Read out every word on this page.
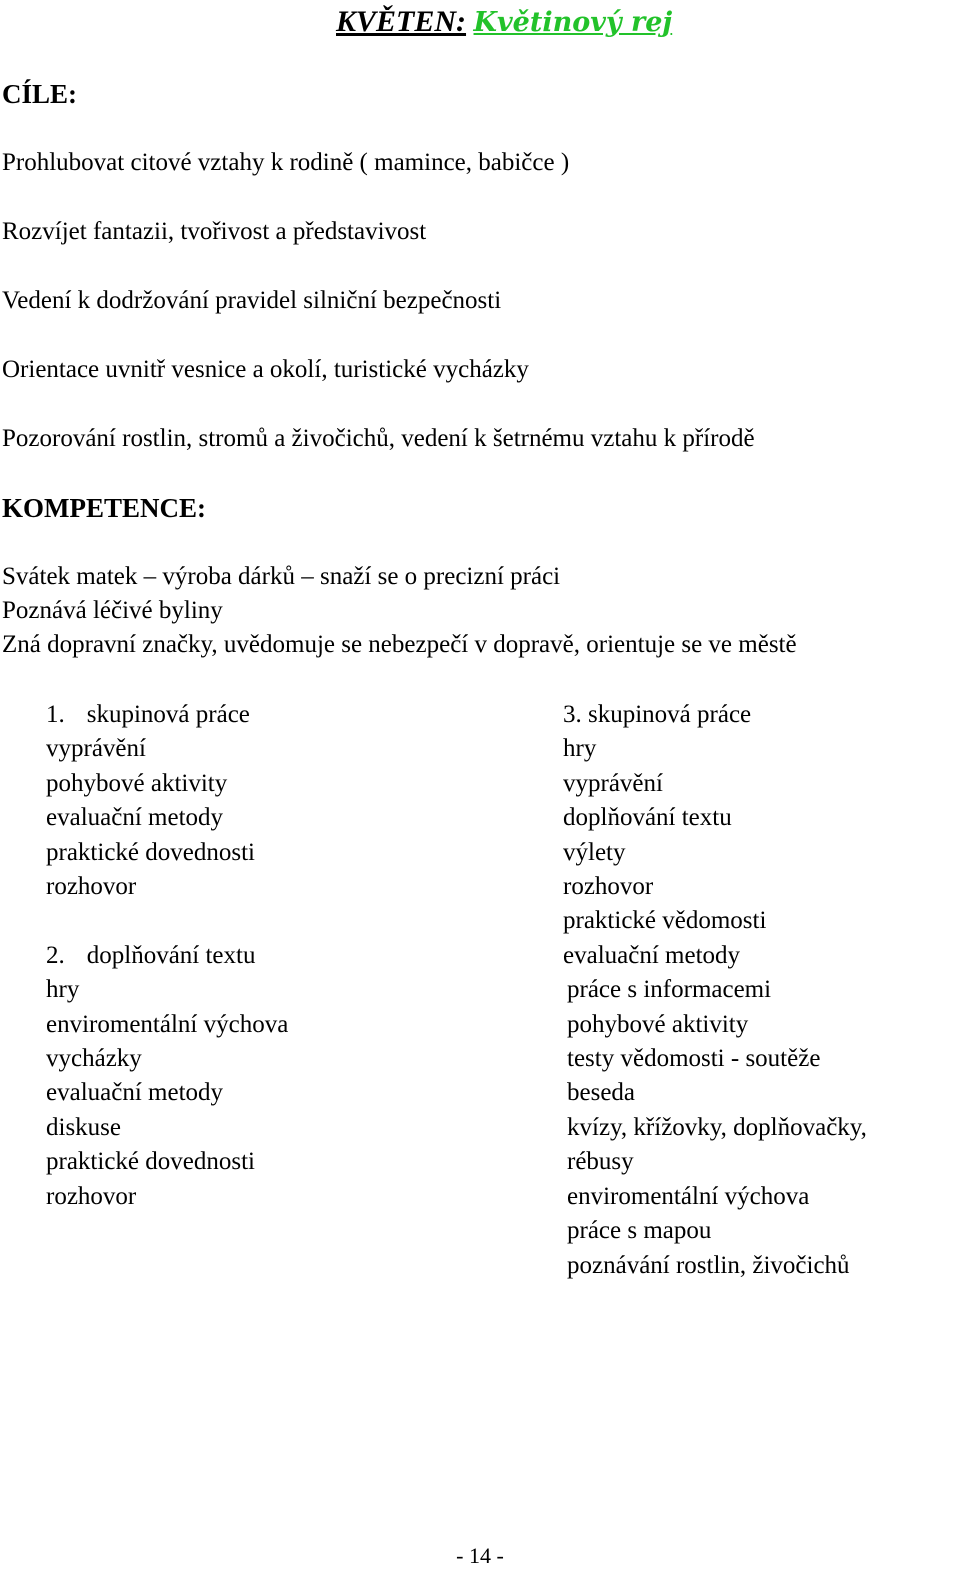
KVĚTEN: Květinový rej
CÍLE:
Prohlubovat citové vztahy k rodině ( mamince, babičce )
Rozvíjet fantazii, tvořivost a představivost
Vedení k dodržování pravidel silniční bezpečnosti
Orientace uvnitř vesnice a okolí, turistické vycházky
Pozorování rostlin, stromů a živočichů, vedení k šetrnému vztahu k přírodě
KOMPETENCE:
Svátek matek – výroba dárků – snaží se o precizní práci
Poznává léčivé byliny
Zná dopravní značky, uvědomuje se nebezpečí v dopravě, orientuje se ve městě
1. skupinová práce
vyprávění
pohybové aktivity
evaluační metody
praktické dovednosti
rozhovor

2. doplňování textu
hry
enviromentální výchova
vycházky
evaluační metody
diskuse
praktické dovednosti
rozhovor
3. skupinová práce
hry
vyprávění
doplňování textu
výlety
rozhovor
praktické vědomosti
evaluační metody
práce s informacemi
pohybové aktivity
testy vědomosti - soutěže
beseda
kvízy, křížovky, doplňovačky,
rébusy
enviromentální výchova
práce s mapou
poznávání rostlin, živočichů
- 14 -
